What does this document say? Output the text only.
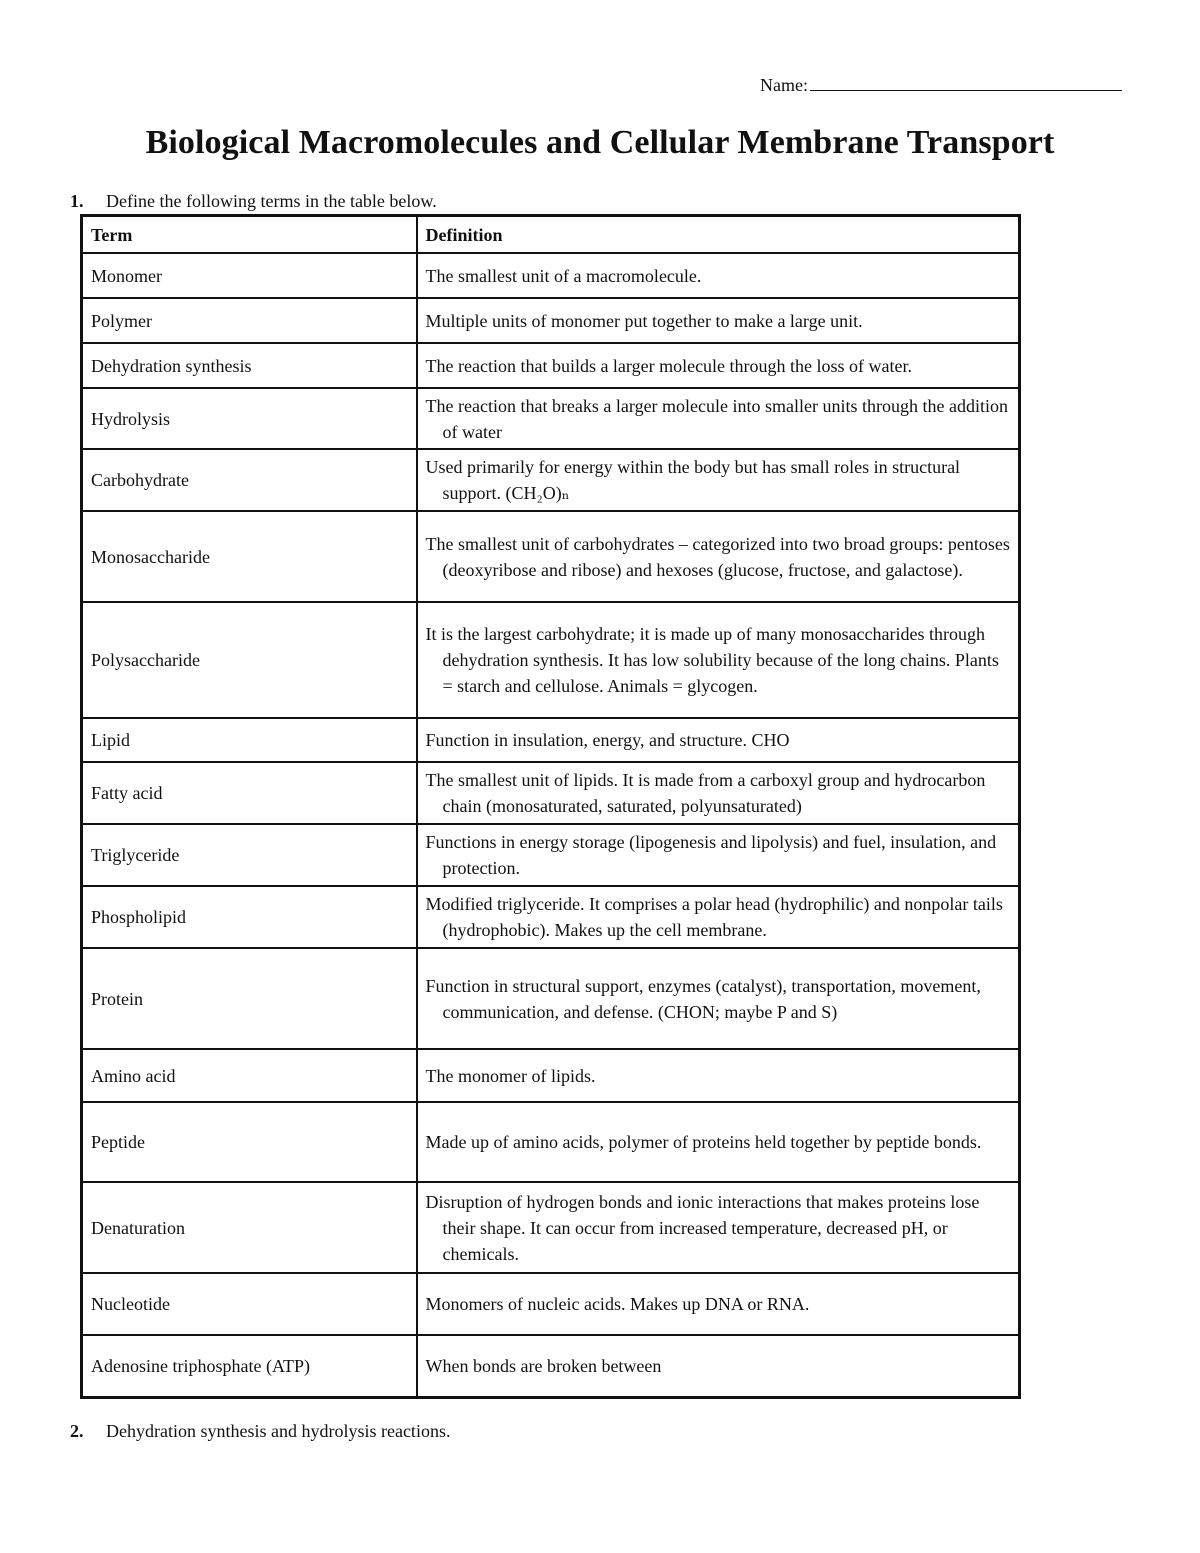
Name:
Biological Macromolecules and Cellular Membrane Transport
1. Define the following terms in the table below.
Term	Definition
Monomer	The smallest unit of a macromolecule.
Polymer	Multiple units of monomer put together to make a large unit.
Dehydration synthesis	The reaction that builds a larger molecule through the loss of water.
Hydrolysis	The reaction that breaks a larger molecule into smaller units through the addition of water
Carbohydrate	Used primarily for energy within the body but has small roles in structural support. (CH₂O)ₙ
Monosaccharide	The smallest unit of carbohydrates – categorized into two broad groups: pentoses (deoxyribose and ribose) and hexoses (glucose, fructose, and galactose).
Polysaccharide	It is the largest carbohydrate; it is made up of many monosaccharides through dehydration synthesis. It has low solubility because of the long chains. Plants = starch and cellulose. Animals = glycogen.
Lipid	Function in insulation, energy, and structure. CHO
Fatty acid	The smallest unit of lipids. It is made from a carboxyl group and hydrocarbon chain (monosaturated, saturated, polyunsaturated)
Triglyceride	Functions in energy storage (lipogenesis and lipolysis) and fuel, insulation, and protection.
Phospholipid	Modified triglyceride. It comprises a polar head (hydrophilic) and nonpolar tails (hydrophobic). Makes up the cell membrane.
Protein	Function in structural support, enzymes (catalyst), transportation, movement, communication, and defense. (CHON; maybe P and S)
Amino acid	The monomer of lipids.
Peptide	Made up of amino acids, polymer of proteins held together by peptide bonds.
Denaturation	Disruption of hydrogen bonds and ionic interactions that makes proteins lose their shape. It can occur from increased temperature, decreased pH, or chemicals.
Nucleotide	Monomers of nucleic acids. Makes up DNA or RNA.
Adenosine triphosphate (ATP)	When bonds are broken between
2. Dehydration synthesis and hydrolysis reactions.
